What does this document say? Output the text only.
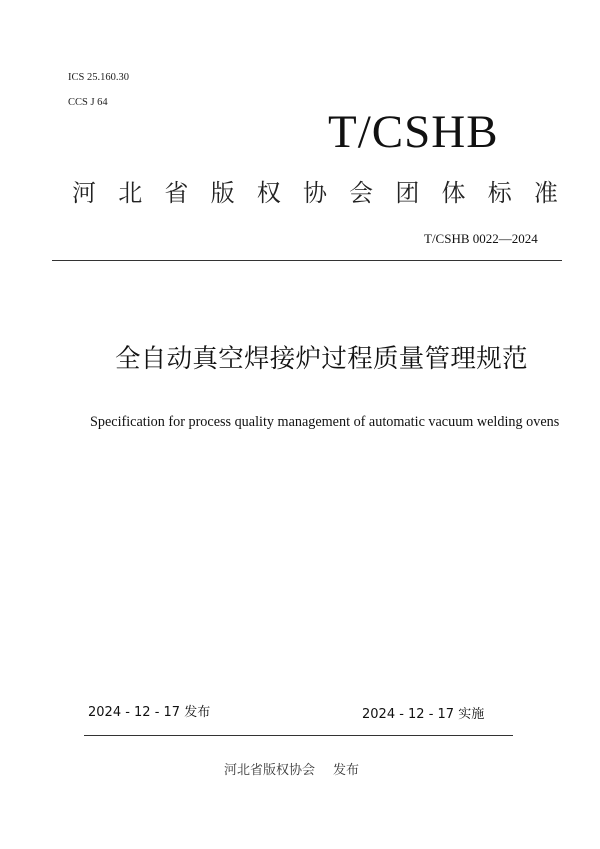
ICS 25.160.30
CCS J 64
T/CSHB
河 北 省 版 权 协 会 团 体 标 准
T/CSHB 0022—2024
全自动真空焊接炉过程质量管理规范
Specification for process quality management of automatic vacuum welding ovens
2024 - 12 - 17 发布	2024 - 12 - 17 实施
河北省版权协会 发布
